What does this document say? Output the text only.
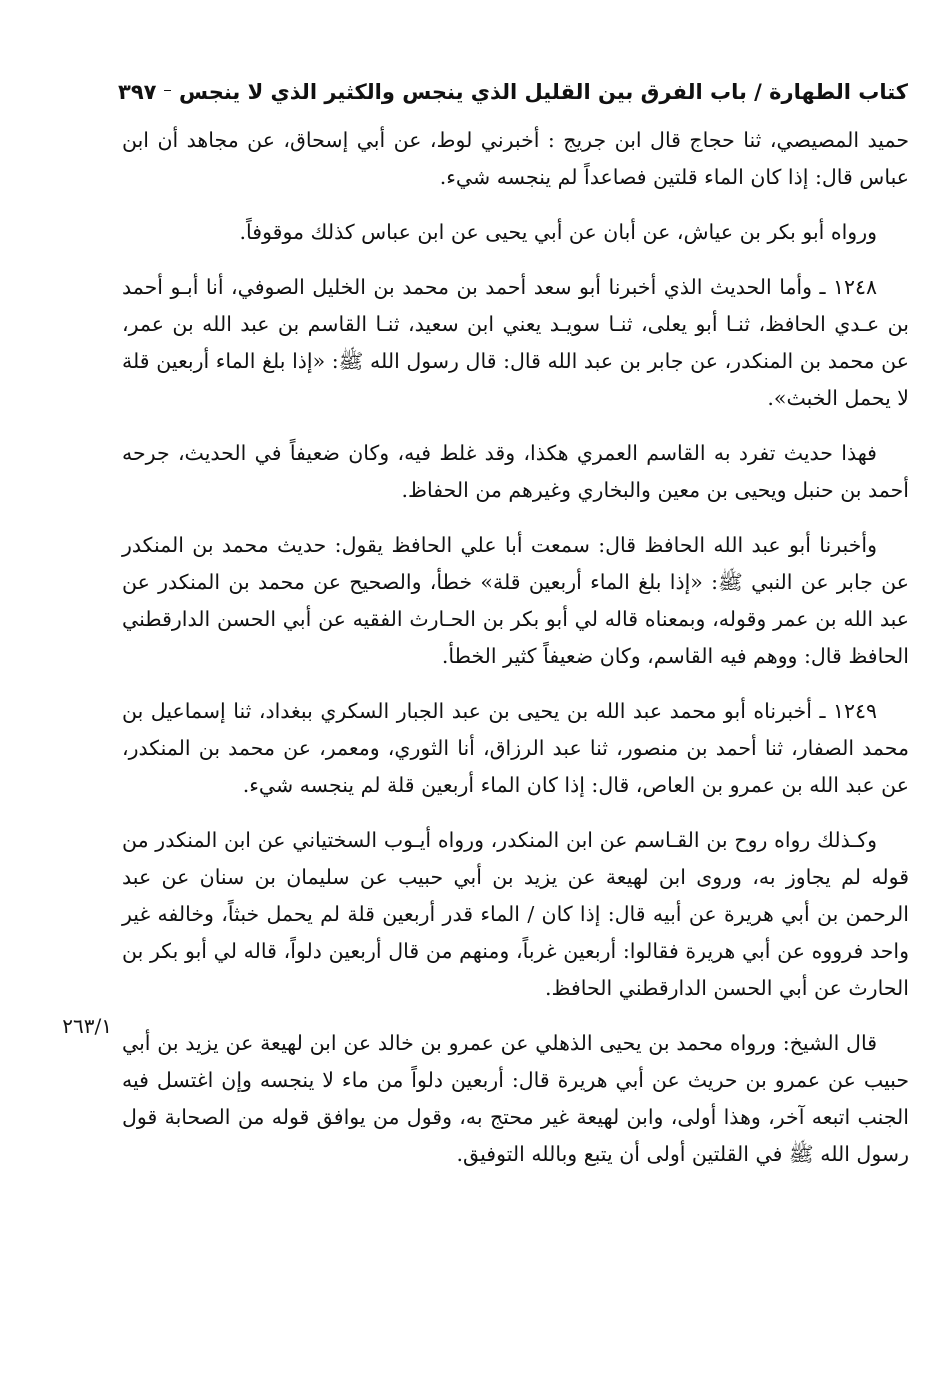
كتاب الطهارة / باب الفرق بين القليل الذي ينجس والكثير الذي لا ينجس
٣٩٧

حميد المصيصي، ثنا حجاج قال ابن جريج : أخبرني لوط، عن أبي إسحاق، عن مجاهد أن ابن عباس قال: إذا كان الماء قلتين فصاعداً لم ينجسه شيء.

ورواه أبو بكر بن عياش، عن أبان عن أبي يحيى عن ابن عباس كذلك موقوفاً.

١٢٤٨ ـ وأما الحديث الذي أخبرنا أبو سعد أحمد بن محمد بن الخليل الصوفي، أنا أبـو أحمد بن عـدي الحافظ، ثنـا أبو يعلى، ثنـا سويـد يعني ابن سعيد، ثنـا القاسم بن عبد الله بن عمر، عن محمد بن المنكدر، عن جابر بن عبد الله قال: قال رسول الله ﷺ: «إذا بلغ الماء أربعين قلة لا يحمل الخبث».

فهذا حديث تفرد به القاسم العمري هكذا، وقد غلط فيه، وكان ضعيفاً في الحديث، جرحه أحمد بن حنبل ويحيى بن معين والبخاري وغيرهم من الحفاظ.

وأخبرنا أبو عبد الله الحافظ قال: سمعت أبا علي الحافظ يقول: حديث محمد بن المنكدر عن جابر عن النبي ﷺ: «إذا بلغ الماء أربعين قلة» خطأ، والصحيح عن محمد بن المنكدر عن عبد الله بن عمر وقوله، وبمعناه قاله لي أبو بكر بن الحـارث الفقيه عن أبي الحسن الدارقطني الحافظ قال: ووهم فيه القاسم، وكان ضعيفاً كثير الخطأ.

١٢٤٩ ـ أخبرناه أبو محمد عبد الله بن يحيى بن عبد الجبار السكري ببغداد، ثنا إسماعيل بن محمد الصفار، ثنا أحمد بن منصور، ثنا عبد الرزاق، أنا الثوري، ومعمر، عن محمد بن المنكدر، عن عبد الله بن عمرو بن العاص، قال: إذا كان الماء أربعين قلة لم ينجسه شيء.

وكـذلك رواه روح بن القـاسم عن ابن المنكدر، ورواه أيـوب السختياني عن ابن المنكدر من قوله لم يجاوز به، وروى ابن لهيعة عن يزيد بن أبي حبيب عن سليمان بن سنان عن عبد الرحمن بن أبي هريرة عن أبيه قال: إذا كان / الماء قدر أربعين قلة لم يحمل خبثاً، وخالفه غير واحد فرووه عن أبي هريرة فقالوا: أربعين غرباً، ومنهم من قال أربعين دلواً، قاله لي أبو بكر بن الحارث عن أبي الحسن الدارقطني الحافظ.

قال الشيخ: ورواه محمد بن يحيى الذهلي عن عمرو بن خالد عن ابن لهيعة عن يزيد بن أبي حبيب عن عمرو بن حريث عن أبي هريرة قال: أربعين دلواً من ماء لا ينجسه وإن اغتسل فيه الجنب اتبعه آخر، وهذا أولى، وابن لهيعة غير محتج به، وقول من يوافق قوله من الصحابة قول رسول الله ﷺ في القلتين أولى أن يتبع وبالله التوفيق.

٢٦٣/١
